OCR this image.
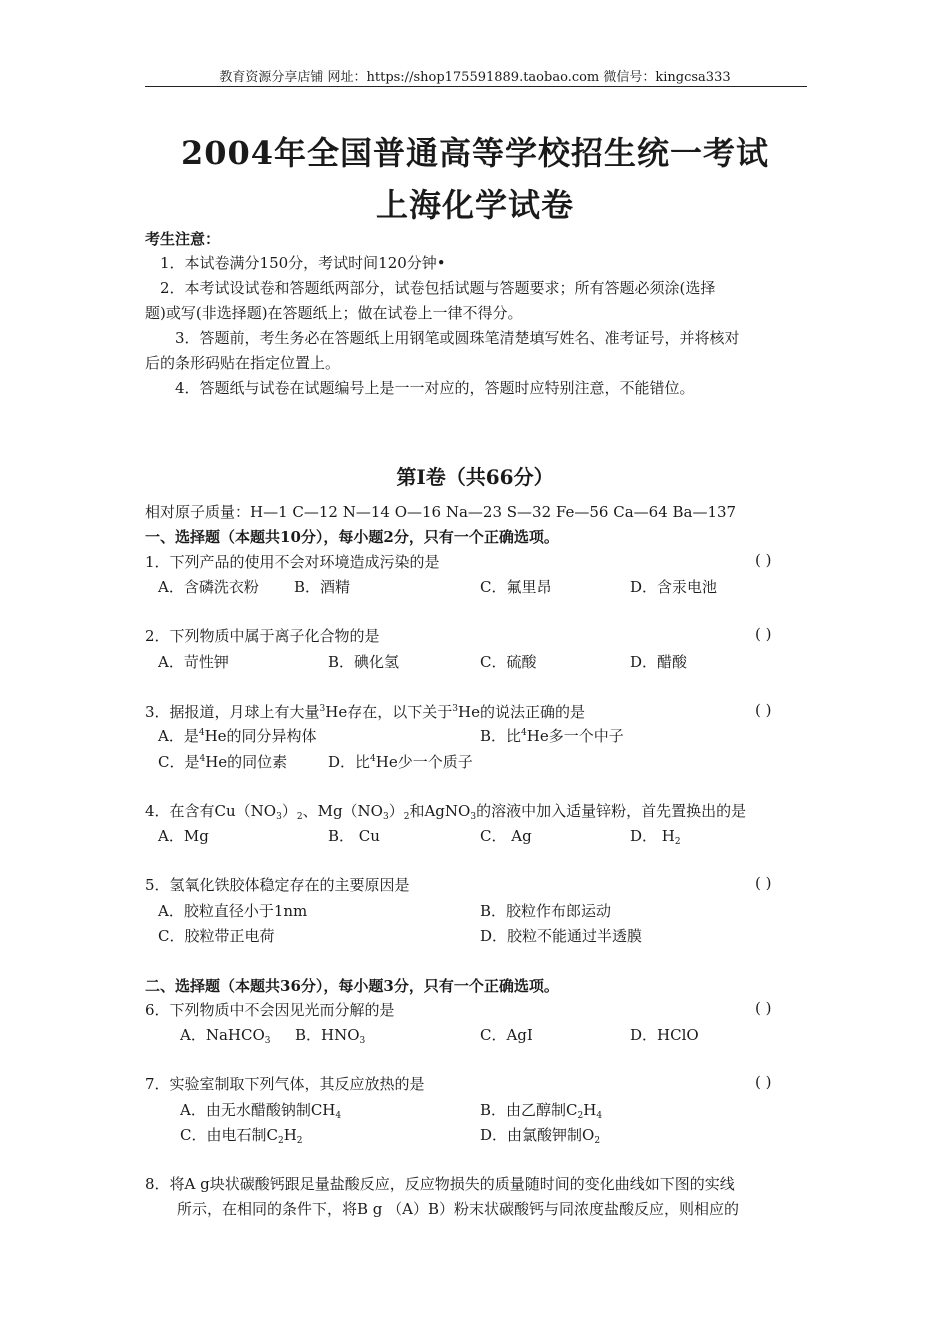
教育资源分享店铺 网址：https://shop175591889.taobao.com 微信号：kingcsa333
2004年全国普通高等学校招生统一考试
上海化学试卷
考生注意：
1．本试卷满分150分，考试时间120分钟•
2．本考试设试卷和答题纸两部分，试卷包括试题与答题要求；所有答题必须涂(选择
题)或写(非选择题)在答题纸上；做在试卷上一律不得分。
3．答题前，考生务必在答题纸上用钢笔或圆珠笔清楚填写姓名、准考证号，并将核对
后的条形码贴在指定位置上。
4．答题纸与试卷在试题编号上是一一对应的，答题时应特别注意，不能错位。
第Ⅰ卷（共66分）
相对原子质量：H—1 C—12 N—14 O—16 Na—23 S—32 Fe—56 Ca—64 Ba—137
一、选择题（本题共10分），每小题2分，只有一个正确选项。
1．下列产品的使用不会对环境造成污染的是	( )
A．含磷洗衣粉 B．酒精	C．氟里昂	D．含汞电池
2．下列物质中属于离子化合物的是	( )
A．苛性钾	B．碘化氢	C．硫酸	D．醋酸
3．据报道，月球上有大量$^3$He存在，以下关于$^3$He的说法正确的是	( )
A．是$^4$He的同分异构体	B．比$^4$He多一个中子
C．是$^4$He的同位素	D．比$^4$He少一个质子
4．在含有$Cu(NO_3)_2$、$Mg(NO_3)_2$和AgNO$_3$的溶液中加入适量锌粉，首先置换出的是
A．Mg	B． Cu	C． Ag	D． $H_2$
5．氢氧化铁胶体稳定存在的主要原因是	( )
A．胶粒直径小于1nm	B．胶粒作布郎运动
C．胶粒带正电荷	D．胶粒不能通过半透膜
二、选择题（本题共36分），每小题3分，只有一个正确选项。
6．下列物质中不会因见光而分解的是	( )
A．NaHCO$_3$ B．$HNO_3$	C．AgI	D．HClO
7．实验室制取下列气体，其反应放热的是	( )
A．由无水醋酸钠制$CH_4$	B．由乙醇制$C_2H_4$
C．由电石制$C_2H_2$	D．由氯酸钾制$O_2$
8．将A g块状碳酸钙跟足量盐酸反应，反应物损失的质量随时间的变化曲线如下图的实线
所示，在相同的条件下，将B g （A）B）粉末状碳酸钙与同浓度盐酸反应，则相应的
